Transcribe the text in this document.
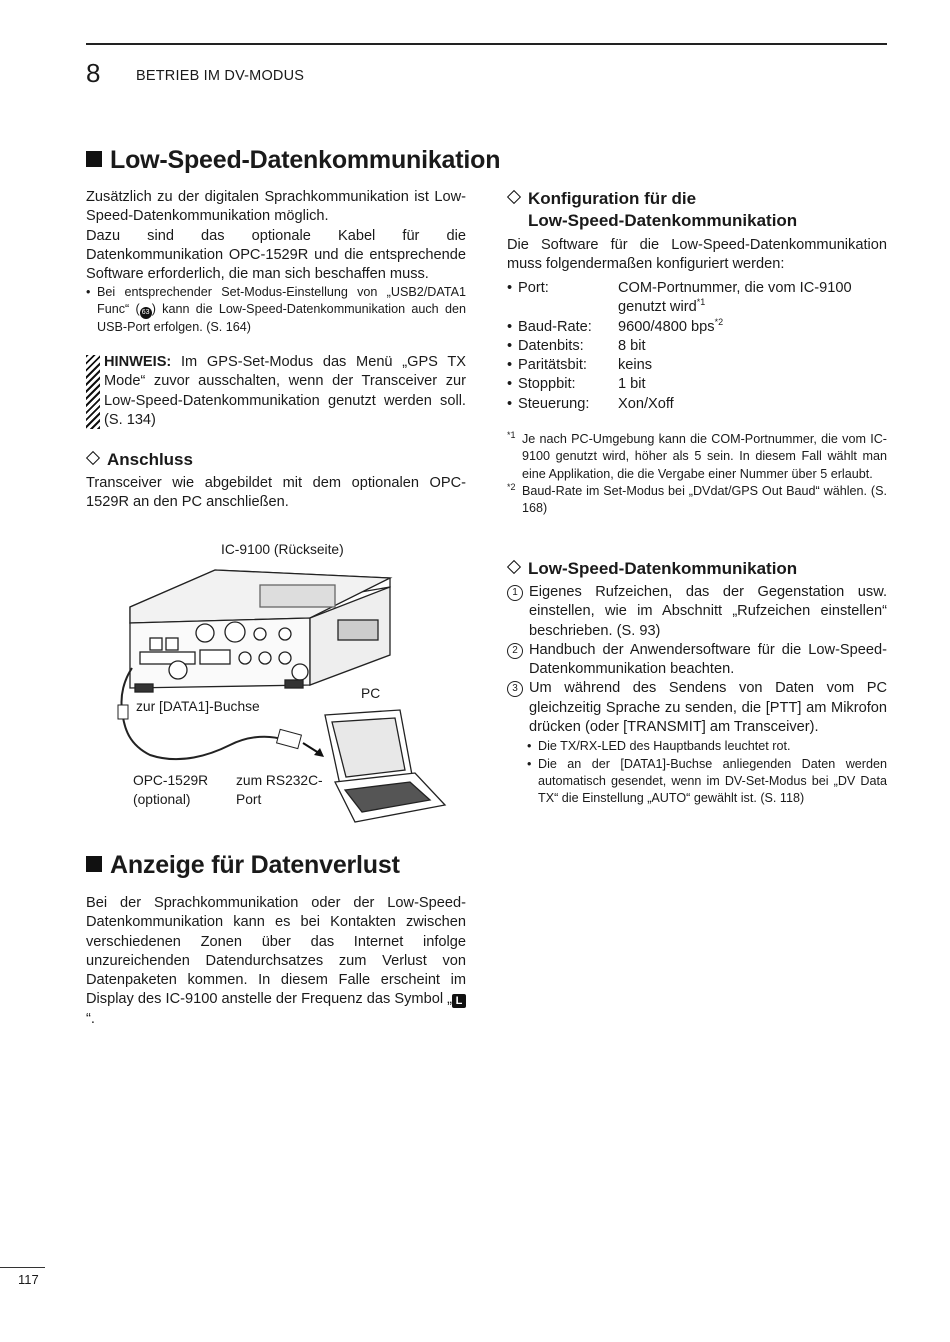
8 BETRIEB IM DV-MODUS
Low-Speed-Datenkommunikation
Zusätzlich zu der digitalen Sprachkommunikation ist Low-Speed-Datenkommunikation möglich.
Dazu sind das optionale Kabel für die Datenkommunikation OPC-1529R und die entsprechende Software erforderlich, die man sich beschaffen muss.
• Bei entsprechender Set-Modus-Einstellung von „USB2/DATA1 Func“ ( 63 ) kann die Low-Speed-Datenkommunikation auch den USB-Port erfolgen. (S. 164)
HINWEIS: Im GPS-Set-Modus das Menü „GPS TX Mode“ zuvor ausschalten, wenn der Transceiver zur Low-Speed-Datenkommunikation genutzt werden soll. (S. 134)
Anschluss
Transceiver wie abgebildet mit dem optionalen OPC-1529R an den PC anschließen.
IC-9100 (Rückseite)
PC
zur [DATA1]-Buchse
OPC-1529R
(optional)
zum RS232C-
Port
Konfiguration für die
Low-Speed-Datenkommunikation
Die Software für die Low-Speed-Datenkommunikation muss folgendermaßen konfiguriert werden:
• Port:	COM-Portnummer, die vom IC-9100 genutzt wird$^{*1}$
• Baud-Rate:	9600/4800 bps$^{*2}$
• Datenbits:	8 bit
• Paritätsbit:	keins
• Stoppbit:	1 bit
• Steuerung:	Xon/Xoff
$^{*1}$ Je nach PC-Umgebung kann die COM-Portnummer, die vom IC-9100 genutzt wird, höher als 5 sein. In diesem Fall wählt man eine Applikation, die die Vergabe einer Nummer über 5 erlaubt.
$^{*2}$ Baud-Rate im Set-Modus bei „DVdat/GPS Out Baud“ wählen. (S. 168)
Low-Speed-Datenkommunikation
1 Eigenes Rufzeichen, das der Gegenstation usw. einstellen, wie im Abschnitt „Rufzeichen einstellen“ beschrieben. (S. 93)
2 Handbuch der Anwendersoftware für die Low-Speed-Datenkommunikation beachten.
3 Um während des Sendens von Daten vom PC gleichzeitig Sprache zu senden, die [PTT] am Mikrofon drücken (oder [TRANSMIT] am Transceiver).
• Die TX/RX-LED des Hauptbands leuchtet rot.
• Die an der [DATA1]-Buchse anliegenden Daten werden automatisch gesendet, wenn im DV-Set-Modus bei „DV Data TX“ die Einstellung „AUTO“ gewählt ist. (S. 118)
Anzeige für Datenverlust
Bei der Sprachkommunikation oder der Low-Speed-Datenkommunikation kann es bei Kontakten zwischen verschiedenen Zonen über das Internet infolge unzureichenden Datendurchsatzes zum Verlust von Datenpaketen kommen. In diesem Falle erscheint im Display des IC-9100 anstelle der Frequenz das Symbol „ L“.
117
